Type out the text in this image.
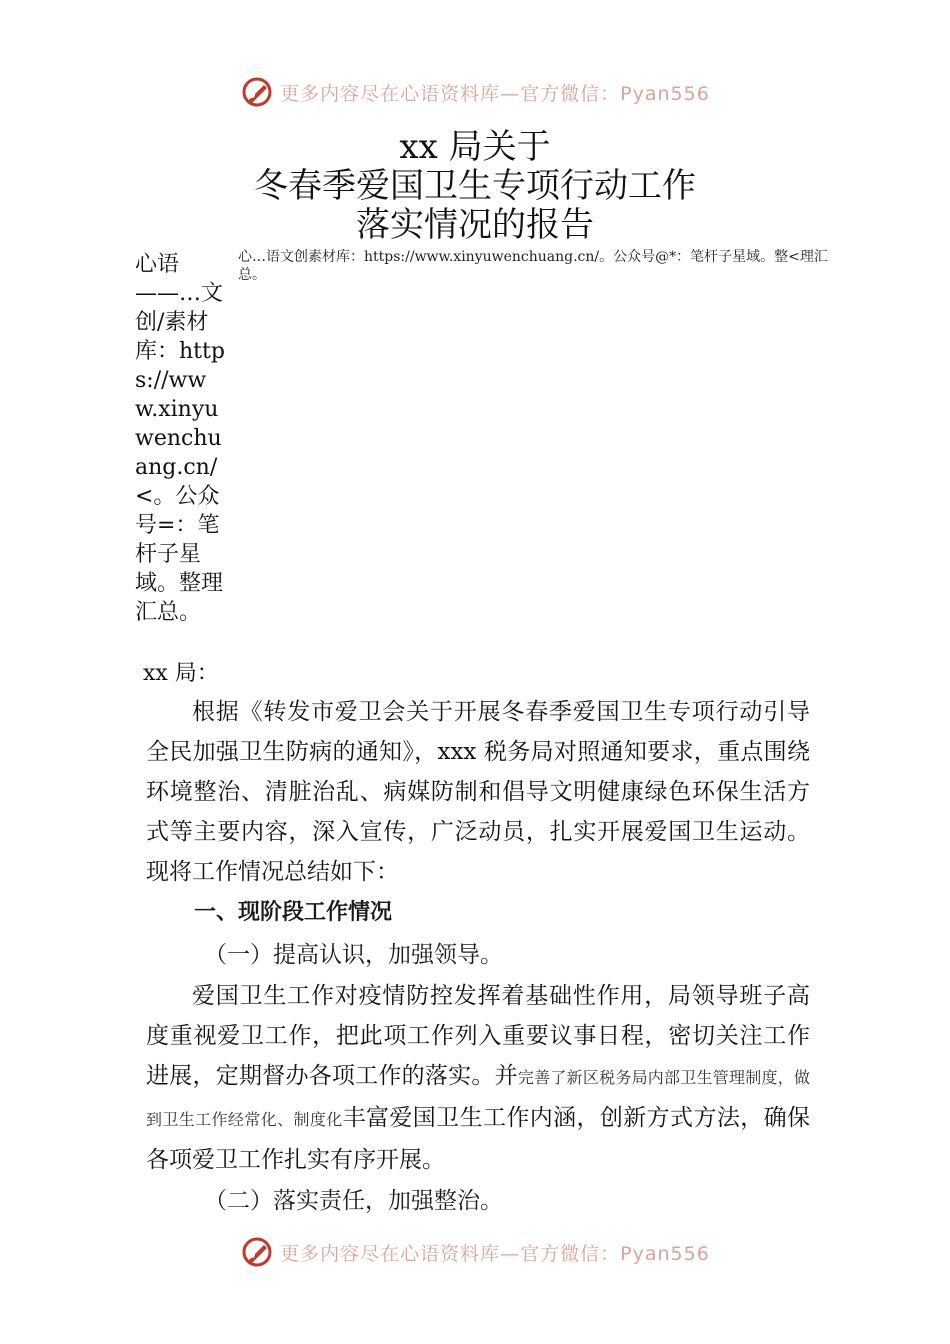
更多内容尽在心语资料库—官方微信：Pyan556
xx 局关于
冬春季爱国卫生专项行动工作
落实情况的报告
心语——…文创/素材库：https://www.xinyuwenchuang.cn/<。公众号=：笔杆子星域。整理汇总。
心…语文创素材库：https://www.xinyuwenchuang.cn/。公众号@*：笔杆子星域。整<理汇总。
xx 局：

根据《转发市爱卫会关于开展冬春季爱国卫生专项行动引导全民加强卫生防病的通知》，xxx 税务局对照通知要求，重点围绕环境整治、清脏治乱、病媒防制和倡导文明健康绿色环保生活方式等主要内容，深入宣传，广泛动员，扎实开展爱国卫生运动。现将工作情况总结如下：

一、现阶段工作情况
（一）提高认识，加强领导。

爱国卫生工作对疫情防控发挥着基础性作用，局领导班子高度重视爱卫工作，把此项工作列入重要议事日程，密切关注工作进展，定期督办各项工作的落实。并完善了新区税务局内部卫生管理制度，做到卫生工作经常化、制度化丰富爱国卫生工作内涵，创新方式方法，确保各项爱卫工作扎实有序开展。

（二）落实责任，加强整治。
更多内容尽在心语资料库—官方微信：Pyan556
